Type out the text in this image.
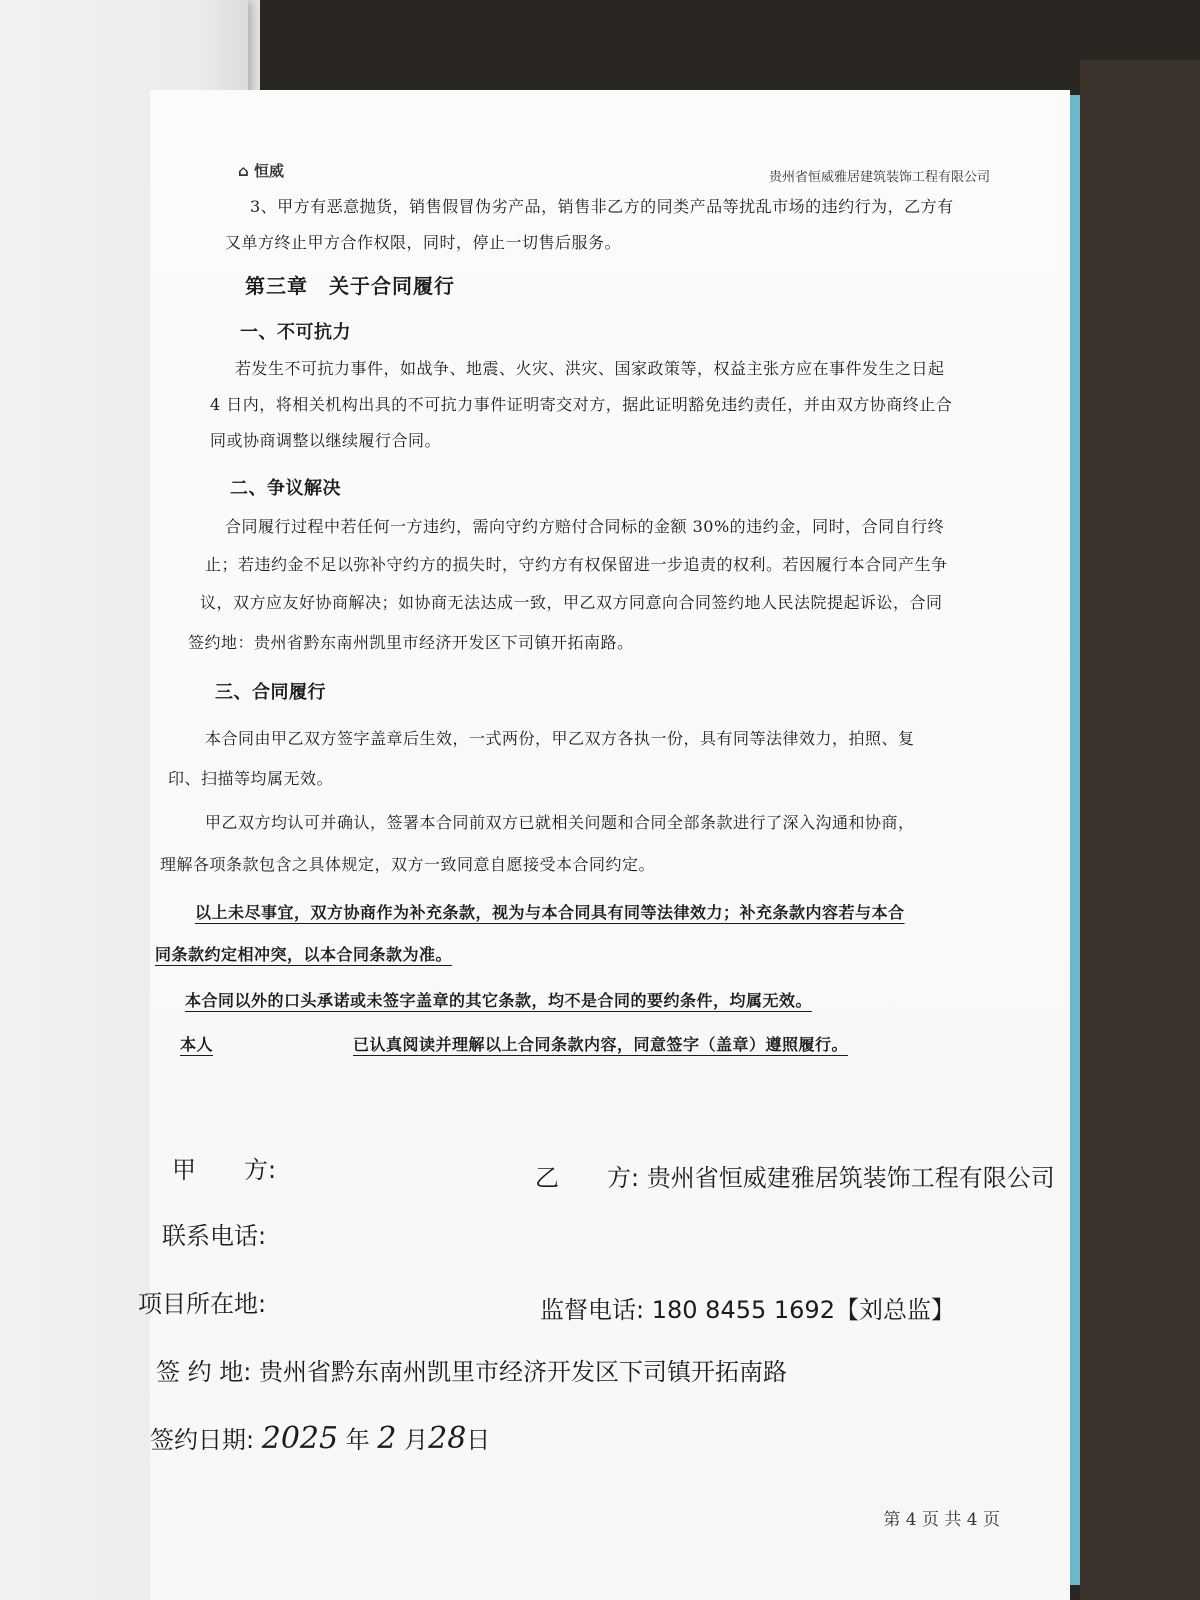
⌂ 恒威	贵州省恒威雅居建筑装饰工程有限公司
3、甲方有恶意抛货，销售假冒伪劣产品，销售非乙方的同类产品等扰乱市场的违约行为，乙方有
又单方终止甲方合作权限，同时，停止一切售后服务。
第三章　关于合同履行
一、不可抗力
若发生不可抗力事件，如战争、地震、火灾、洪灾、国家政策等，权益主张方应在事件发生之日起
4 日内，将相关机构出具的不可抗力事件证明寄交对方，据此证明豁免违约责任，并由双方协商终止合
同或协商调整以继续履行合同。
二、争议解决
合同履行过程中若任何一方违约，需向守约方赔付合同标的金额 30%的违约金，同时，合同自行终
止；若违约金不足以弥补守约方的损失时，守约方有权保留进一步追责的权利。若因履行本合同产生争
议，双方应友好协商解决；如协商无法达成一致，甲乙双方同意向合同签约地人民法院提起诉讼，合同
签约地：贵州省黔东南州凯里市经济开发区下司镇开拓南路。
三、合同履行
本合同由甲乙双方签字盖章后生效，一式两份，甲乙双方各执一份，具有同等法律效力，拍照、复
印、扫描等均属无效。
甲乙双方均认可并确认，签署本合同前双方已就相关问题和合同全部条款进行了深入沟通和协商，
理解各项条款包含之具体规定，双方一致同意自愿接受本合同约定。
以上未尽事宜，双方协商作为补充条款，视为与本合同具有同等法律效力；补充条款内容若与本合
同条款约定相冲突，以本合同条款为准。
本合同以外的口头承诺或未签字盖章的其它条款，均不是合同的要约条件，均属无效。
本人	已认真阅读并理解以上合同条款内容，同意签字（盖章）遵照履行。
甲　　方:	乙　　方: 贵州省恒威建雅居筑装饰工程有限公司
联系电话:
项目所在地:	监督电话: 180 8455 1692【刘总监】
签 约 地: 贵州省黔东南州凯里市经济开发区下司镇开拓南路
签约日期: 2025 年 2 月28日
第 4 页 共 4 页
